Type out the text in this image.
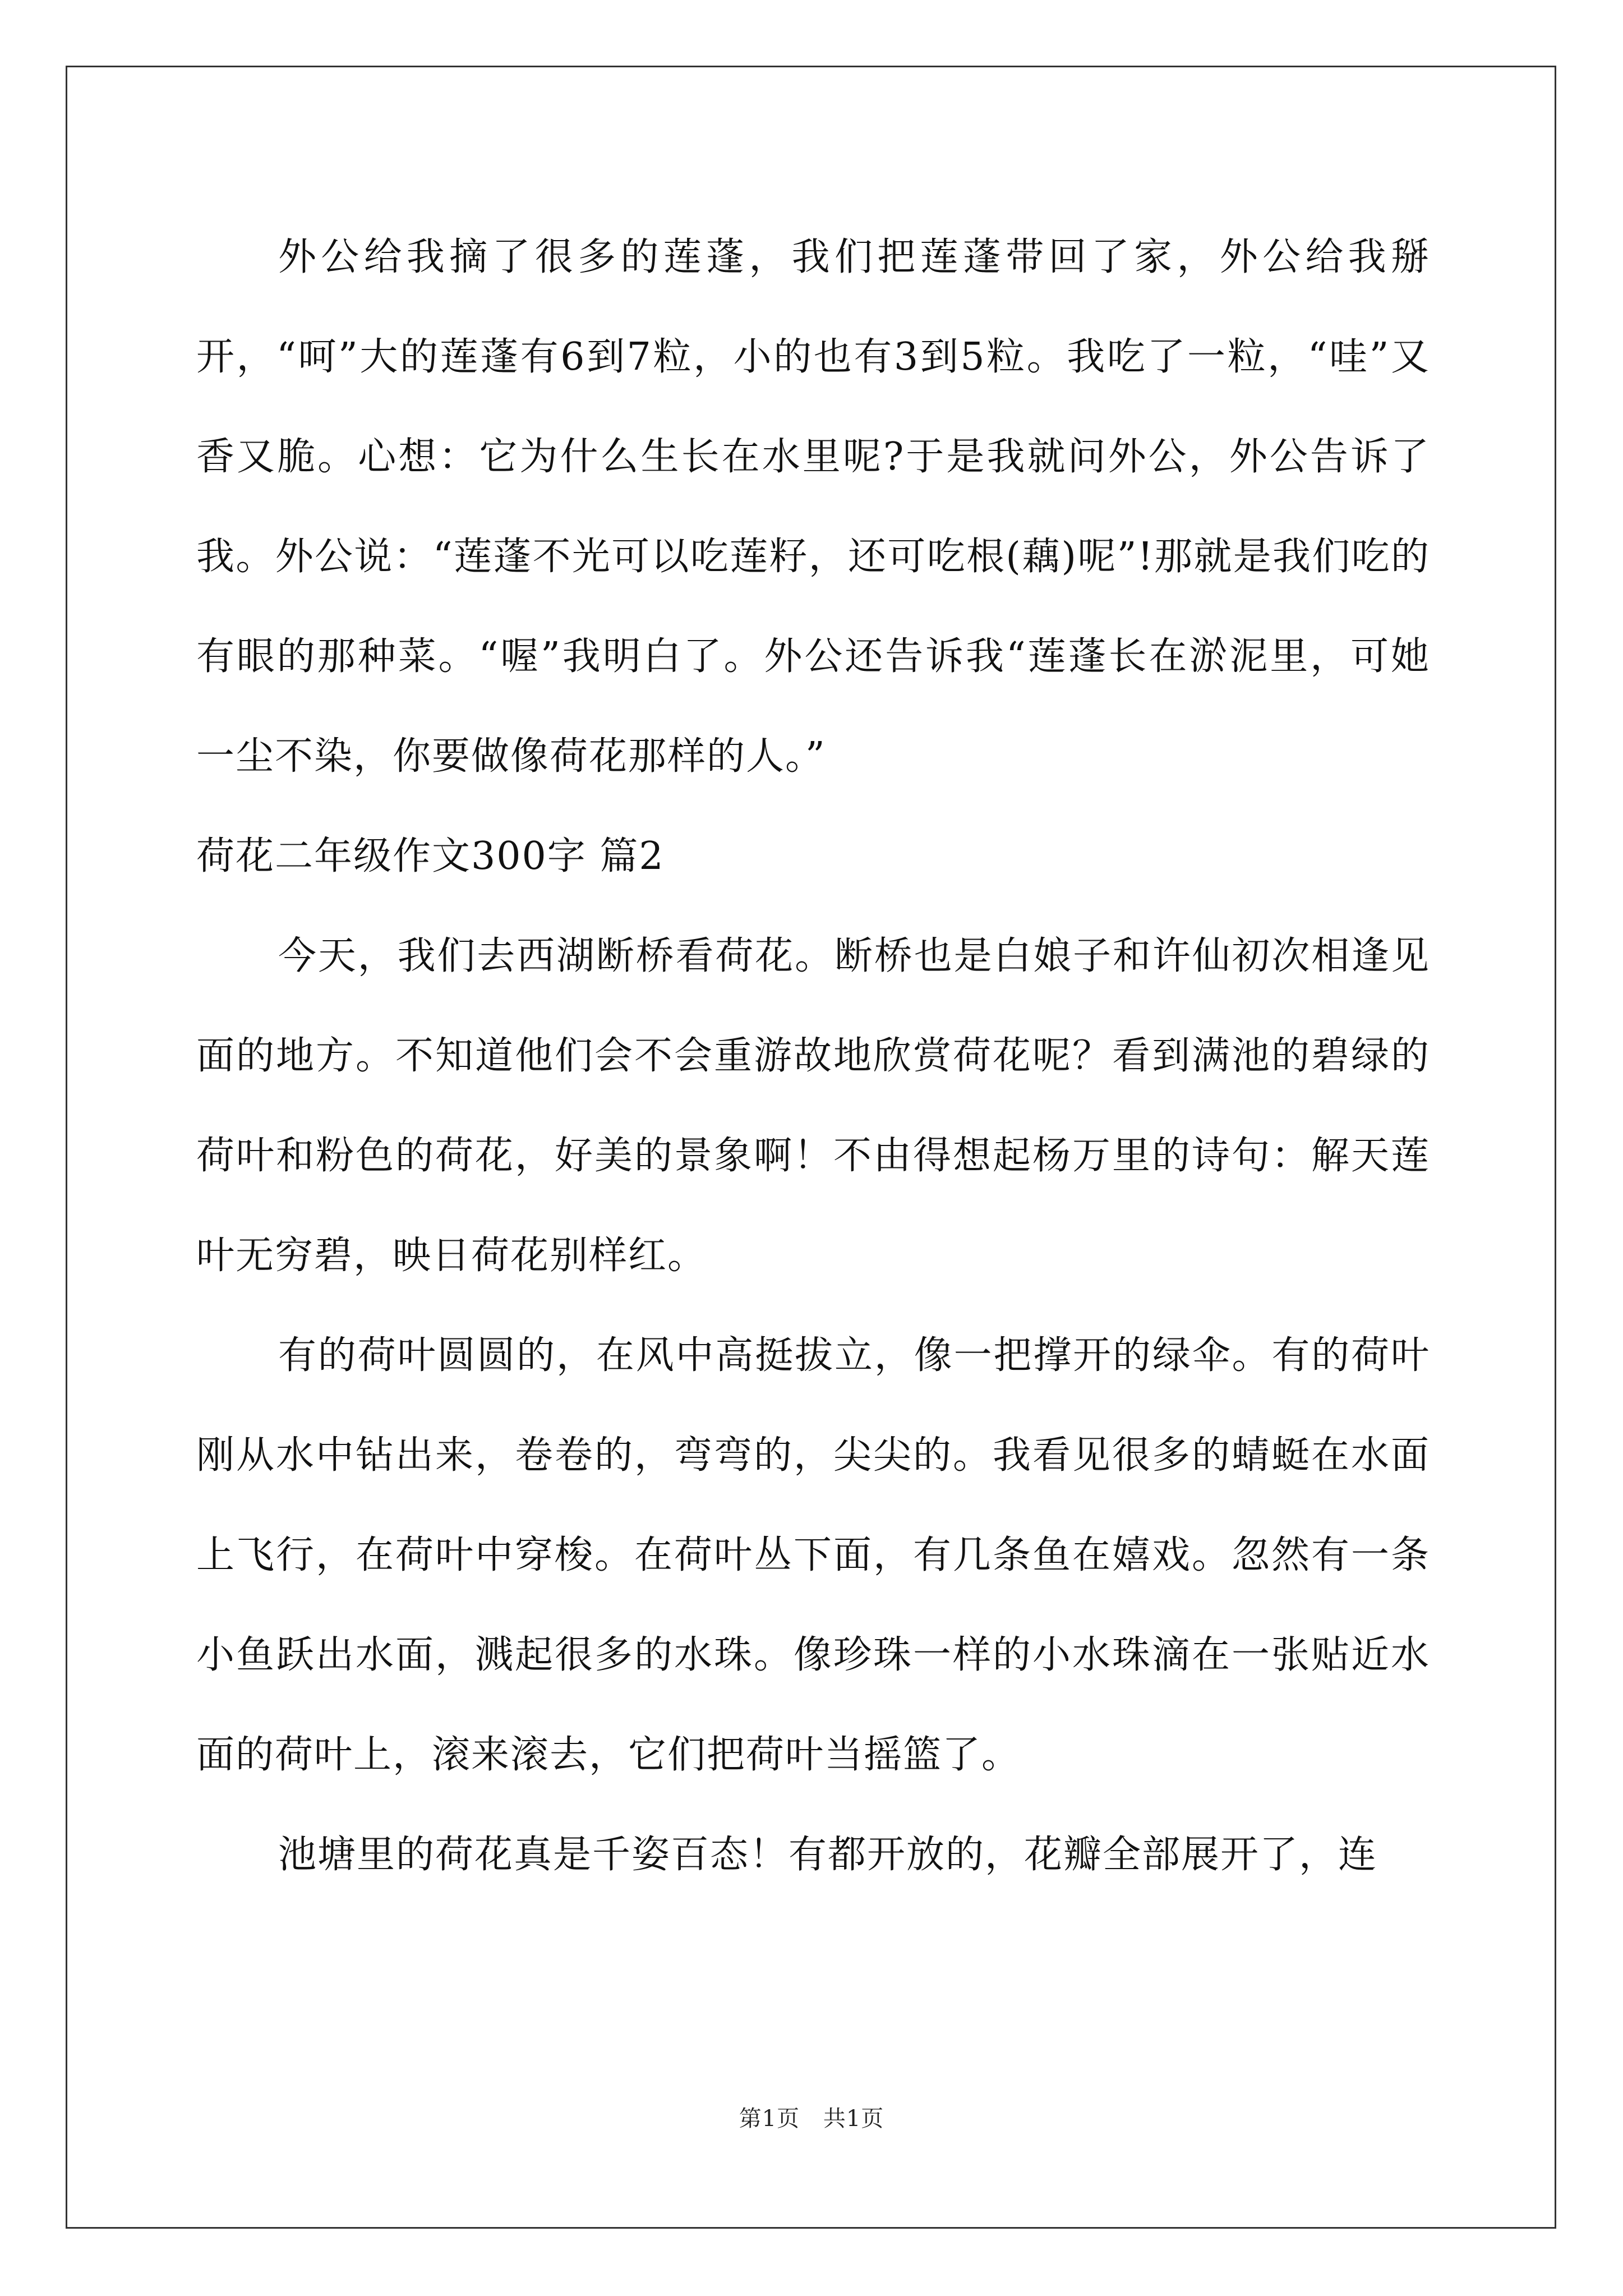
外公给我摘了很多的莲蓬，我们把莲蓬带回了家，外公给我掰开，“呵”大的莲蓬有6到7粒，小的也有3到5粒。我吃了一粒，“哇”又香又脆。心想：它为什么生长在水里呢?于是我就问外公，外公告诉了我。外公说：“莲蓬不光可以吃莲籽，还可吃根(藕)呢”!那就是我们吃的有眼的那种菜。“喔”我明白了。外公还告诉我“莲蓬长在淤泥里，可她一尘不染，你要做像荷花那样的人。”

荷花二年级作文300字 篇2

今天，我们去西湖断桥看荷花。断桥也是白娘子和许仙初次相逢见面的地方。不知道他们会不会重游故地欣赏荷花呢？看到满池的碧绿的荷叶和粉色的荷花，好美的景象啊！不由得想起杨万里的诗句：解天莲叶无穷碧，映日荷花别样红。

有的荷叶圆圆的，在风中高挺拔立，像一把撑开的绿伞。有的荷叶刚从水中钻出来，卷卷的，弯弯的，尖尖的。我看见很多的蜻蜓在水面上飞行，在荷叶中穿梭。在荷叶丛下面，有几条鱼在嬉戏。忽然有一条小鱼跃出水面，溅起很多的水珠。像珍珠一样的小水珠滴在一张贴近水面的荷叶上，滚来滚去，它们把荷叶当摇篮了。

池塘里的荷花真是千姿百态！有都开放的，花瓣全部展开了，连

第1页 共1页
